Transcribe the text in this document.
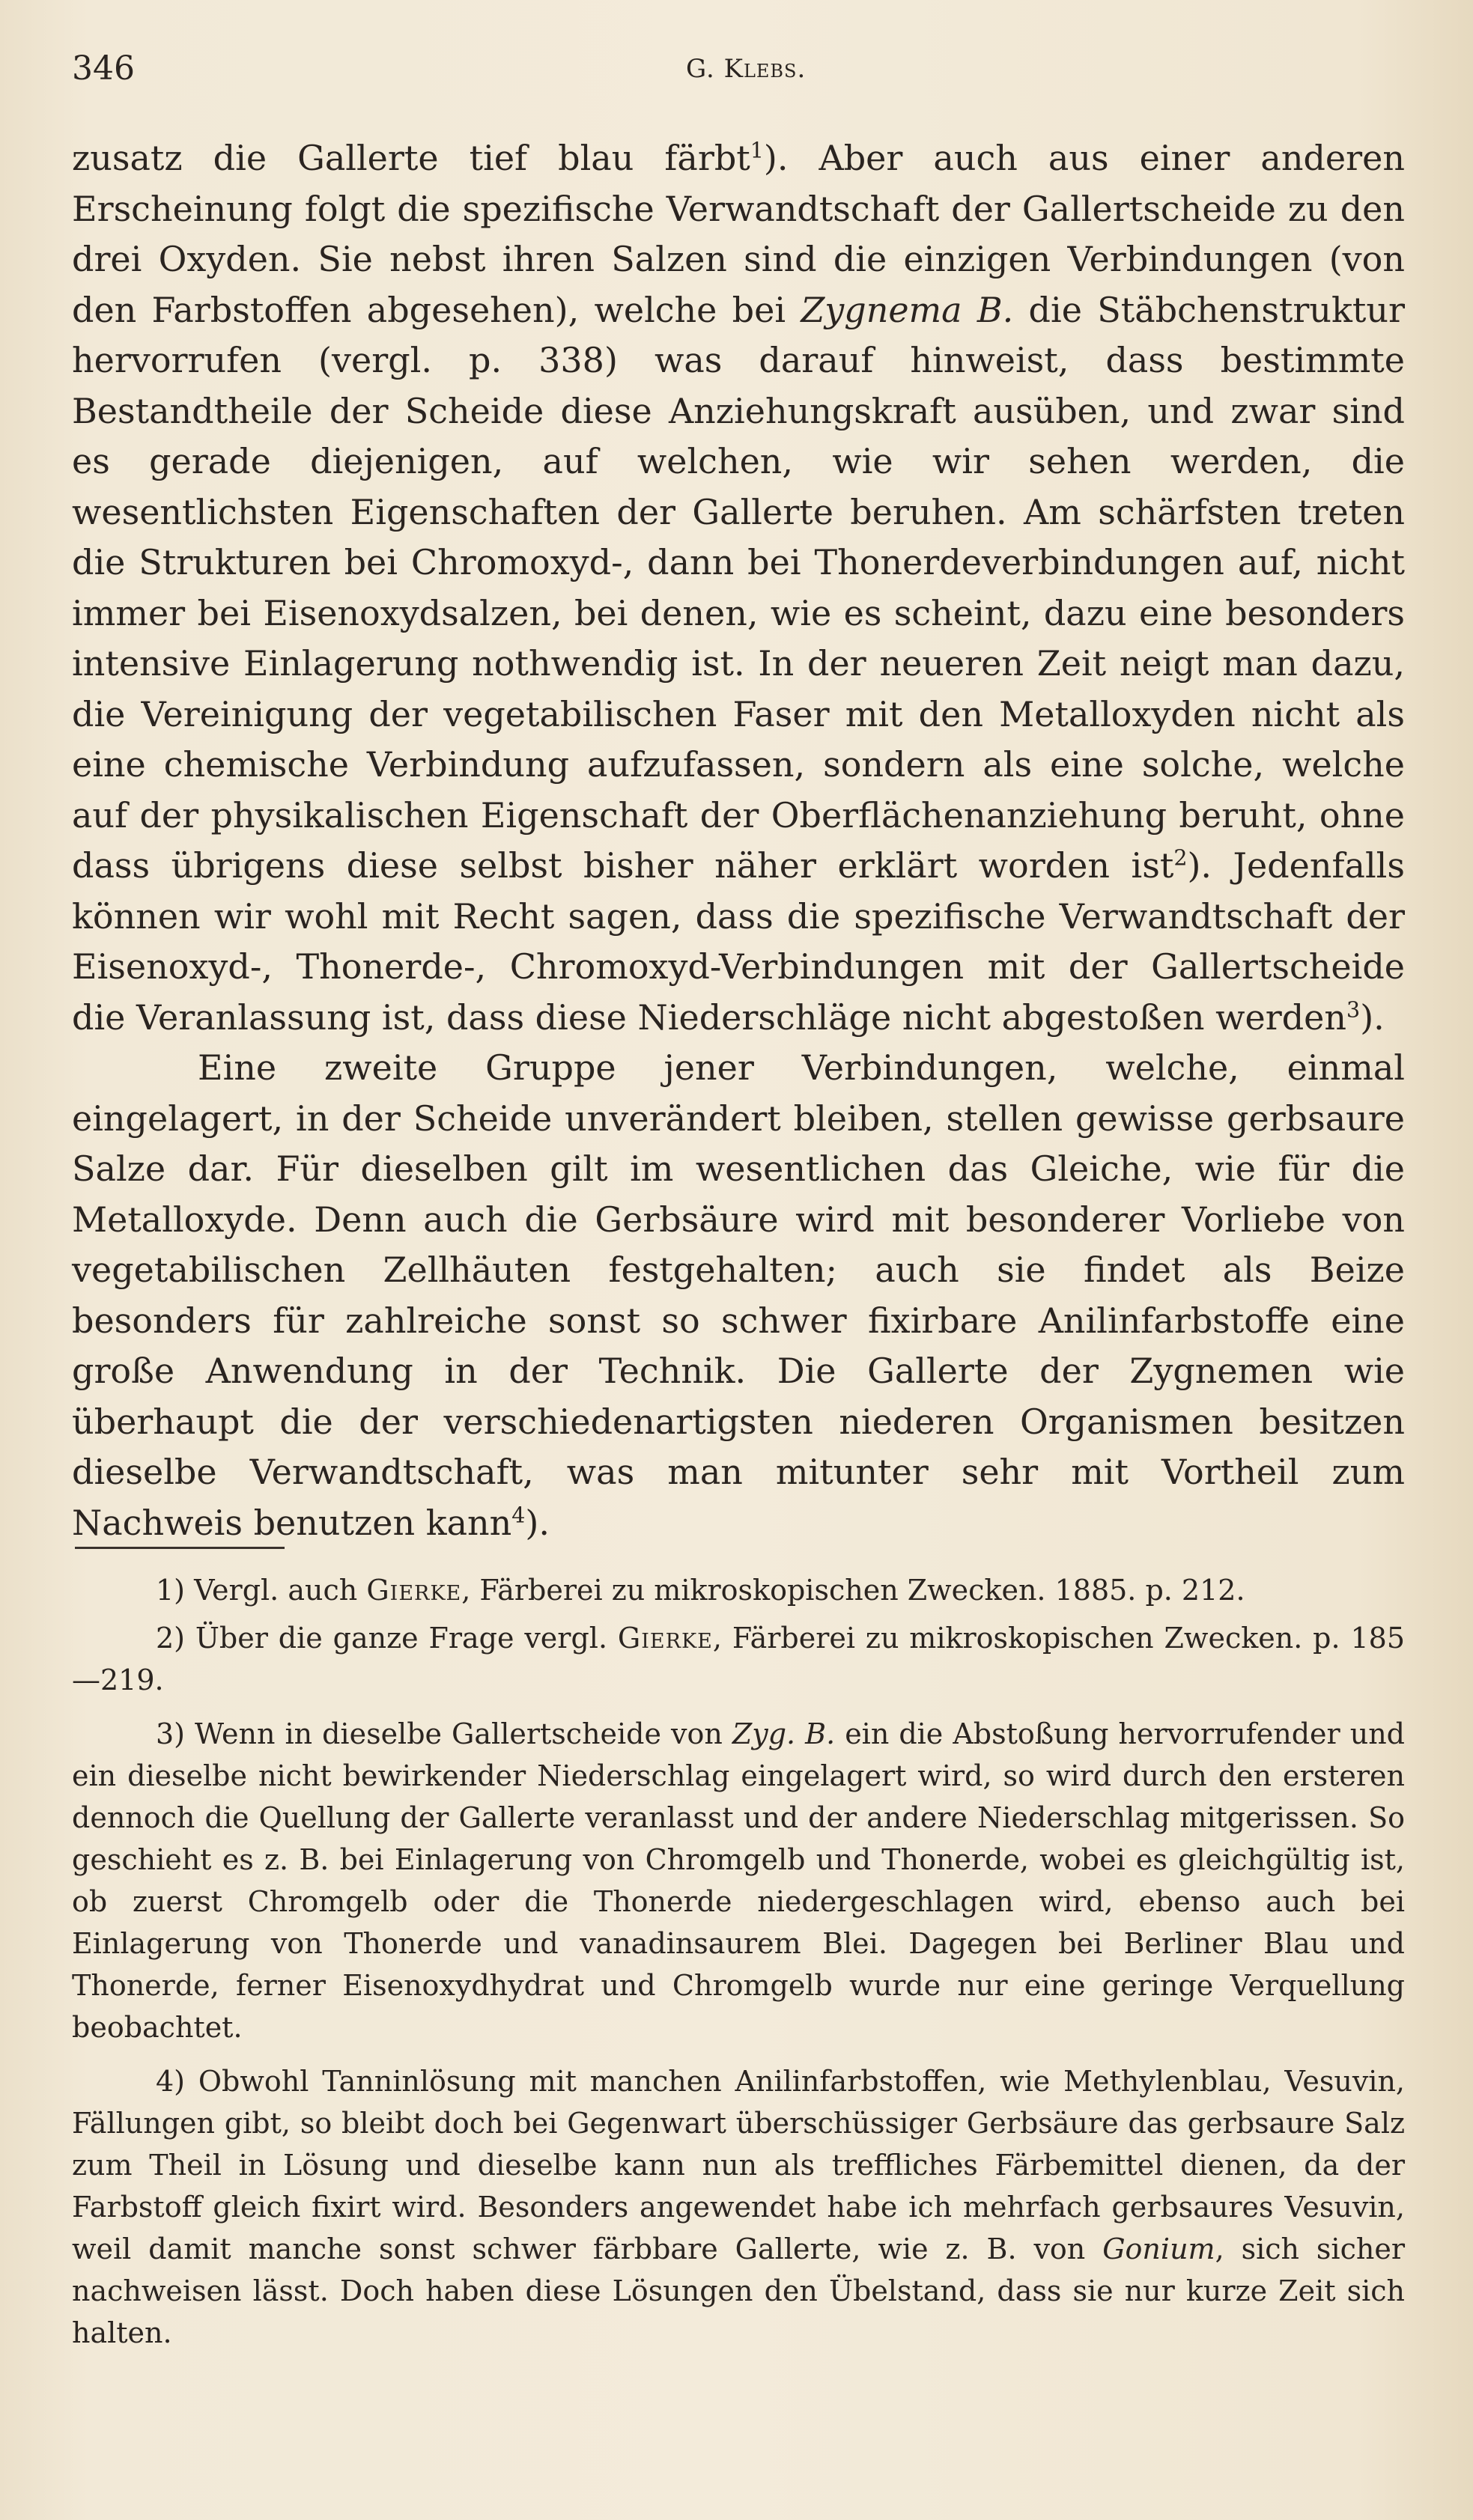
346	G. Klebs.

zusatz die Gallerte tief blau färbt$^1$). Aber auch aus einer anderen Erscheinung folgt die spezifische Verwandtschaft der Gallertscheide zu den drei Oxyden. Sie nebst ihren Salzen sind die einzigen Verbindungen (von den Farbstoffen abgesehen), welche bei Zygnema B. die Stäbchenstruktur hervorrufen (vergl. p. 338) was darauf hinweist, dass bestimmte Bestandtheile der Scheide diese Anziehungskraft ausüben, und zwar sind es gerade diejenigen, auf welchen, wie wir sehen werden, die wesentlichsten Eigenschaften der Gallerte beruhen. Am schärfsten treten die Strukturen bei Chromoxyd-, dann bei Thonerdeverbindungen auf, nicht immer bei Eisenoxydsalzen, bei denen, wie es scheint, dazu eine besonders intensive Einlagerung nothwendig ist. In der neueren Zeit neigt man dazu, die Vereinigung der vegetabilischen Faser mit den Metalloxyden nicht als eine chemische Verbindung aufzufassen, sondern als eine solche, welche auf der physikalischen Eigenschaft der Oberflächenanziehung beruht, ohne dass übrigens diese selbst bisher näher erklärt worden ist$^2$). Jedenfalls können wir wohl mit Recht sagen, dass die spezifische Verwandtschaft der Eisenoxyd-, Thonerde-, Chromoxyd-Verbindungen mit der Gallertscheide die Veranlassung ist, dass diese Niederschläge nicht abgestoßen werden$^3$).

Eine zweite Gruppe jener Verbindungen, welche, einmal eingelagert, in der Scheide unverändert bleiben, stellen gewisse gerbsaure Salze dar. Für dieselben gilt im wesentlichen das Gleiche, wie für die Metalloxyde. Denn auch die Gerbsäure wird mit besonderer Vorliebe von vegetabilischen Zellhäuten festgehalten; auch sie findet als Beize besonders für zahlreiche sonst so schwer fixirbare Anilinfarbstoffe eine große Anwendung in der Technik. Die Gallerte der Zygnemen wie überhaupt die der verschiedenartigsten niederen Organismen besitzen dieselbe Verwandtschaft, was man mitunter sehr mit Vortheil zum Nachweis benutzen kann$^4$).

1) Vergl. auch Gierke, Färberei zu mikroskopischen Zwecken. 1885. p. 212.

2) Über die ganze Frage vergl. Gierke, Färberei zu mikroskopischen Zwecken. p. 185—219.

3) Wenn in dieselbe Gallertscheide von Zyg. B. ein die Abstoßung hervorrufender und ein dieselbe nicht bewirkender Niederschlag eingelagert wird, so wird durch den ersteren dennoch die Quellung der Gallerte veranlasst und der andere Niederschlag mitgerissen. So geschieht es z. B. bei Einlagerung von Chromgelb und Thonerde, wobei es gleichgültig ist, ob zuerst Chromgelb oder die Thonerde niedergeschlagen wird, ebenso auch bei Einlagerung von Thonerde und vanadinsaurem Blei. Dagegen bei Berliner Blau und Thonerde, ferner Eisenoxydhydrat und Chromgelb wurde nur eine geringe Verquellung beobachtet.

4) Obwohl Tanninlösung mit manchen Anilinfarbstoffen, wie Methylenblau, Vesuvin, Fällungen gibt, so bleibt doch bei Gegenwart überschüssiger Gerbsäure das gerbsaure Salz zum Theil in Lösung und dieselbe kann nun als treffliches Färbemittel dienen, da der Farbstoff gleich fixirt wird. Besonders angewendet habe ich mehrfach gerbsaures Vesuvin, weil damit manche sonst schwer färbbare Gallerte, wie z. B. von Gonium, sich sicher nachweisen lässt. Doch haben diese Lösungen den Übelstand, dass sie nur kurze Zeit sich halten.
